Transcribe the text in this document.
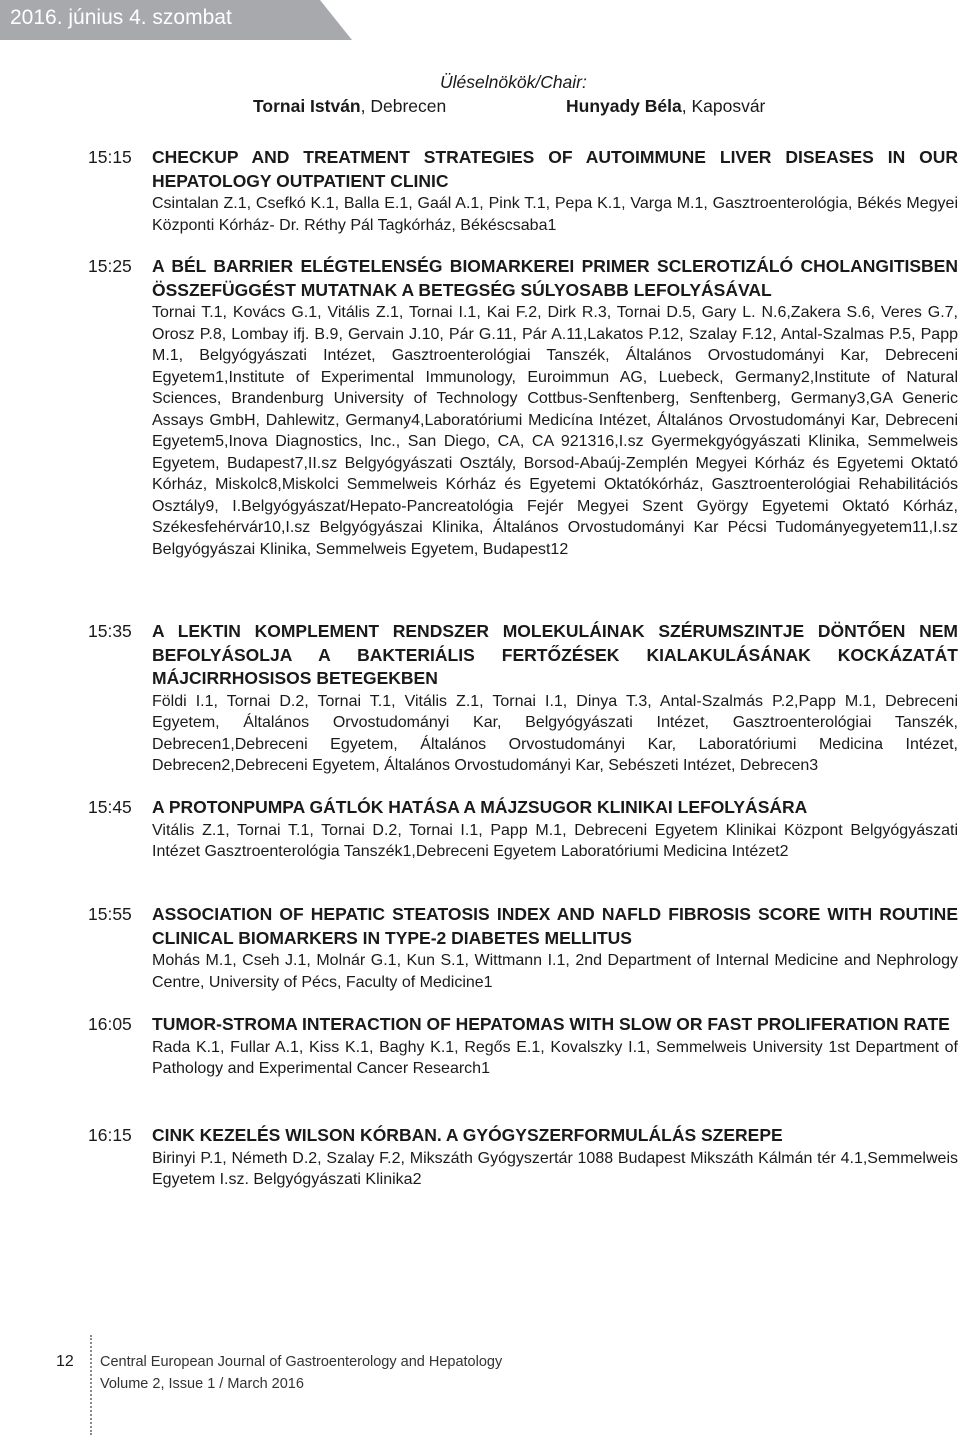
2016. június 4. szombat
Üléselnökök/Chair:
Tornai István, Debrecen	Hunyady Béla, Kaposvár
15:15 CHECKUP AND TREATMENT STRATEGIES OF AUTOIMMUNE LIVER DISEASES IN OUR HEPATOLOGY OUTPATIENT CLINIC
Csintalan Z.1, Csefkó K.1, Balla E.1, Gaál A.1, Pink T.1, Pepa K.1, Varga M.1, Gasztroenterológia, Békés Megyei Központi Kórház- Dr. Réthy Pál Tagkórház, Békéscsaba1
15:25 A BÉL BARRIER ELÉGTELENSÉG BIOMARKEREI PRIMER SCLEROTIZÁLÓ CHOLANGITISBEN ÖSSZEFÜGGÉST MUTATNAK A BETEGSÉG SÚLYOSABB LEFOLYÁSÁVAL
Tornai T.1, Kovács G.1, Vitális Z.1, Tornai I.1, Kai F.2, Dirk R.3, Tornai D.5, Gary L. N.6,Zakera S.6, Veres G.7, Orosz P.8, Lombay ifj. B.9, Gervain J.10, Pár G.11, Pár A.11,Lakatos P.12, Szalay F.12, Antal-Szalmas P.5, Papp M.1, Belgyógyászati Intézet, Gasztroenterológiai Tanszék, Általános Orvostudományi Kar, Debreceni Egyetem1,Institute of Experimental Immunology, Euroimmun AG, Luebeck, Germany2,Institute of Natural Sciences, Brandenburg University of Technology Cottbus-Senftenberg, Senftenberg, Germany3,GA Generic Assays GmbH, Dahlewitz, Germany4,Laboratóriumi Medicína Intézet, Általános Orvostudományi Kar, Debreceni Egyetem5,Inova Diagnostics, Inc., San Diego, CA, CA 921316,I.sz Gyermekgyógyászati Klinika, Semmelweis Egyetem, Budapest7,II.sz Belgyógyászati Osztály, Borsod-Abaúj-Zemplén Megyei Kórház és Egyetemi Oktató Kórház, Miskolc8,Miskolci Semmelweis Kórház és Egyetemi Oktatókórház, Gasztroenterológiai Rehabilitációs Osztály9, I.Belgyógyászat/Hepato-Pancreatológia Fejér Megyei Szent György Egyetemi Oktató Kórház, Székesfehérvár10,I.sz Belgyógyászai Klinika, Általános Orvostudományi Kar Pécsi Tudományegyetem11,I.sz Belgyógyászai Klinika, Semmelweis Egyetem, Budapest12
15:35 A LEKTIN KOMPLEMENT RENDSZER MOLEKULÁINAK SZÉRUMSZINTJE DÖNTŐEN NEM BEFOLYÁSOLJA A BAKTERIÁLIS FERTŐZÉSEK KIALAKULÁSÁNAK KOCKÁZATÁT MÁJCIRRHOSISOS BETEGEKBEN
Földi I.1, Tornai D.2, Tornai T.1, Vitális Z.1, Tornai I.1, Dinya T.3, Antal-Szalmás P.2,Papp M.1, Debreceni Egyetem, Általános Orvostudományi Kar, Belgyógyászati Intézet, Gasztroenterológiai Tanszék, Debrecen1,Debreceni Egyetem, Általános Orvostudományi Kar, Laboratóriumi Medicina Intézet, Debrecen2,Debreceni Egyetem, Általános Orvostudományi Kar, Sebészeti Intézet, Debrecen3
15:45 A PROTONPUMPA GÁTLÓK HATÁSA A MÁJZSUGOR KLINIKAI LEFOLYÁSÁRA
Vitális Z.1, Tornai T.1, Tornai D.2, Tornai I.1, Papp M.1, Debreceni Egyetem Klinikai Központ Belgyógyászati Intézet Gasztroenterológia Tanszék1,Debreceni Egyetem Laboratóriumi Medicina Intézet2
15:55 ASSOCIATION OF HEPATIC STEATOSIS INDEX AND NAFLD FIBROSIS SCORE WITH ROUTINE CLINICAL BIOMARKERS IN TYPE-2 DIABETES MELLITUS
Mohás M.1, Cseh J.1, Molnár G.1, Kun S.1, Wittmann I.1, 2nd Department of Internal Medicine and Nephrology Centre, University of Pécs, Faculty of Medicine1
16:05 TUMOR-STROMA INTERACTION OF HEPATOMAS WITH SLOW OR FAST PROLIFERATION RATE
Rada K.1, Fullar A.1, Kiss K.1, Baghy K.1, Regős E.1, Kovalszky I.1, Semmelweis University 1st Department of Pathology and Experimental Cancer Research1
16:15 CINK KEZELÉS WILSON KÓRBAN. A GYÓGYSZERFORMULÁLÁS SZEREPE
Birinyi P.1, Németh D.2, Szalay F.2, Mikszáth Gyógyszertár 1088 Budapest Mikszáth Kálmán tér 4.1,Semmelweis Egyetem I.sz. Belgyógyászati Klinika2
12 Central European Journal of Gastroenterology and Hepatology
Volume 2, Issue 1 / March 2016
